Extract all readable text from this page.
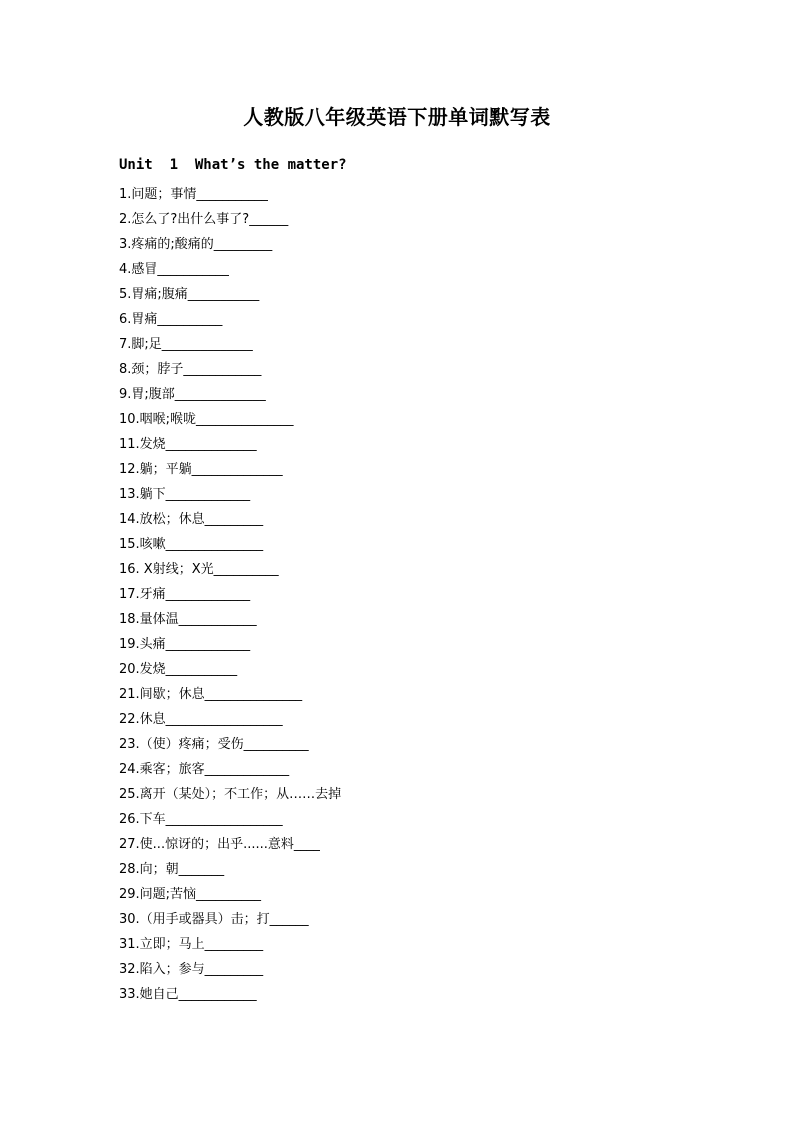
人教版八年级英语下册单词默写表
Unit  1  What’s the matter?
1.问题；事情___________
2.怎么了?出什么事了?______
3.疼痛的;酸痛的_________
4.感冒___________
5.胃痛;腹痛___________
6.胃痛__________
7.脚;足______________
8.颈；脖子____________
9.胃;腹部______________
10.咽喉;喉咙_______________
11.发烧______________
12.躺；平躺______________
13.躺下_____________
14.放松；休息_________
15.咳嗽_______________
16. X射线；X光__________
17.牙痛_____________
18.量体温____________
19.头痛_____________
20.发烧___________
21.间歇；休息_______________
22.休息__________________
23.（使）疼痛；受伤__________
24.乘客；旅客_____________
25.离开（某处）；不工作；从……去掉
26.下车__________________
27.使...惊讶的；出乎......意料____
28.向；朝_______
29.问题;苦恼__________
30.（用手或器具）击；打______
31.立即；马上_________
32.陷入；参与_________
33.她自己____________
